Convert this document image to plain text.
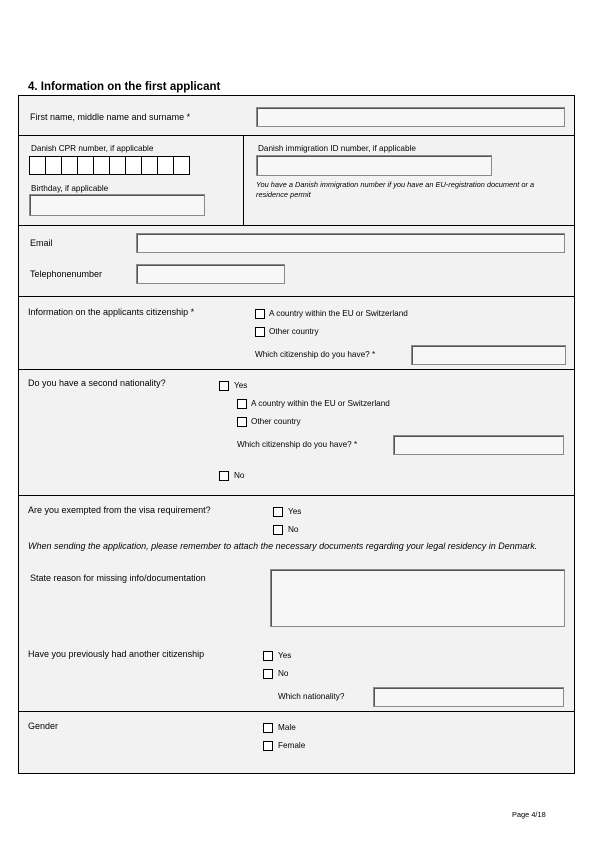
4. Information on the first applicant
First name, middle name and surname *
Danish CPR number, if applicable
Birthday, if applicable
Danish immigration ID number, if applicable
You have a Danish immigration number if you have an EU-registration document or a residence permit
Email
Telephonenumber
Information on the applicants citizenship *	A country within the EU or Switzerland
Other country
Which citizenship do you have? *
Do you have a second nationality?	Yes
A country within the EU or Switzerland
Other country
Which citizenship do you have? *
No
Are you exempted from the visa requirement?	Yes
No
When sending the application, please remember to attach the necessary documents regarding your legal residency in Denmark.
State reason for missing info/documentation
Have you previously had another citizenship	Yes
No
Which nationality?
Gender	Male
Female
Page 4/18
